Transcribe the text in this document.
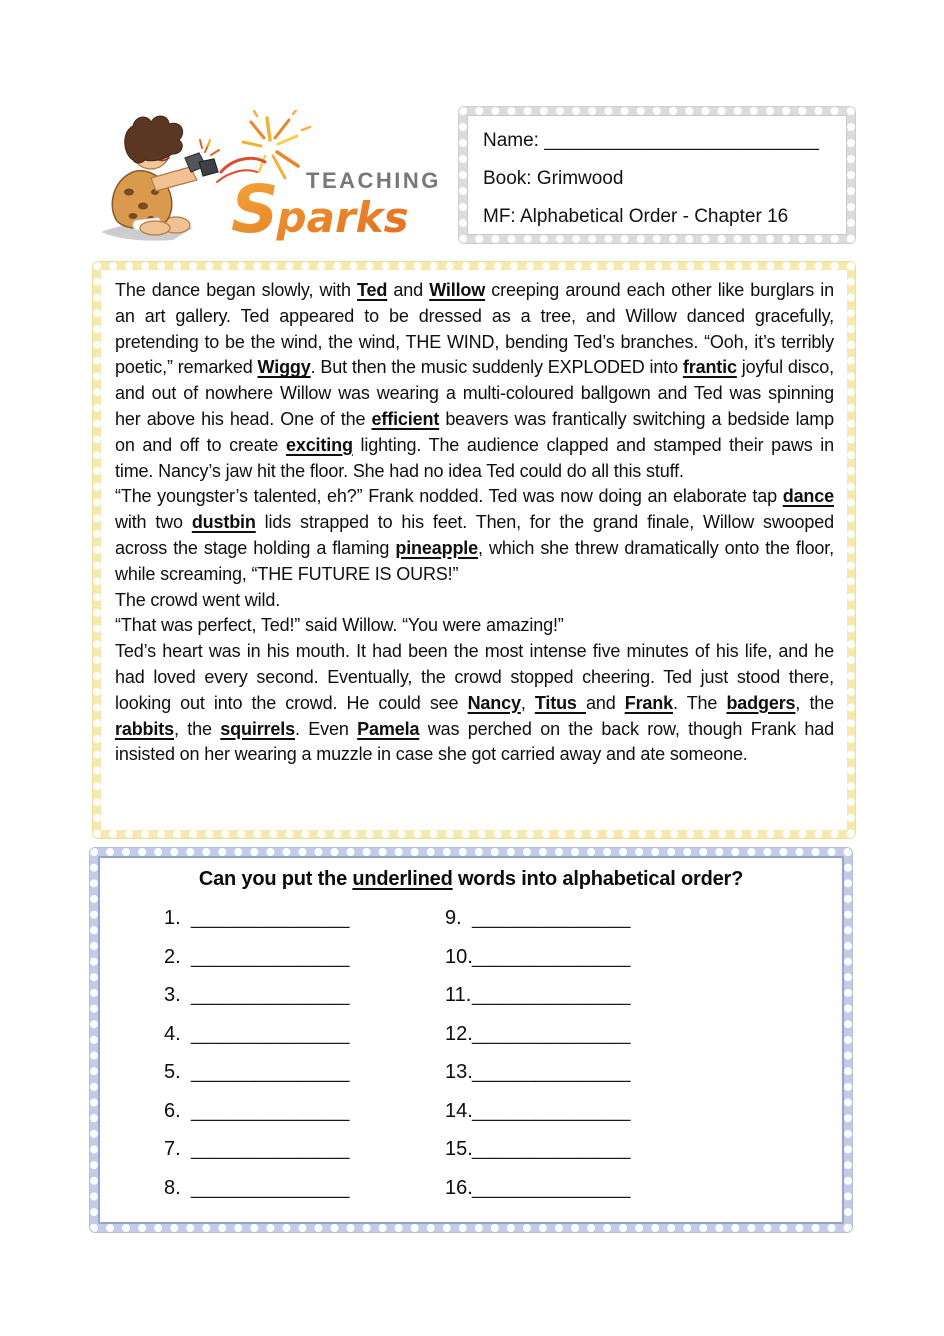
TEACHING
Sparks
Name: __________________________
Book: Grimwood
MF: Alphabetical Order - Chapter 16

The dance began slowly, with Ted and Willow creeping around each other like burglars in an art gallery. Ted appeared to be dressed as a tree, and Willow danced gracefully, pretending to be the wind, the wind, THE WIND, bending Ted’s branches. “Ooh, it’s terribly poetic,” remarked Wiggy. But then the music suddenly EXPLODED into frantic joyful disco, and out of nowhere Willow was wearing a multi-coloured ballgown and Ted was spinning her above his head. One of the efficient beavers was frantically switching a bedside lamp on and off to create exciting lighting. The audience clapped and stamped their paws in time. Nancy’s jaw hit the floor. She had no idea Ted could do all this stuff.

“The youngster’s talented, eh?” Frank nodded. Ted was now doing an elaborate tap dance with two dustbin lids strapped to his feet. Then, for the grand finale, Willow swooped across the stage holding a flaming pineapple, which she threw dramatically onto the floor, while screaming, “THE FUTURE IS OURS!”

The crowd went wild.

“That was perfect, Ted!” said Willow. “You were amazing!”

Ted’s heart was in his mouth. It had been the most intense five minutes of his life, and he had loved every second. Eventually, the crowd stopped cheering. Ted just stood there, looking out into the crowd. He could see Nancy, Titus and Frank. The badgers, the rabbits, the squirrels. Even Pamela was perched on the back row, though Frank had insisted on her wearing a muzzle in case she got carried away and ate someone.

Can you put the underlined words into alphabetical order?
1. _______________
2. _______________
3. _______________
4. _______________
5. _______________
6. _______________
7. _______________
8. _______________
9. _______________
10._______________
11._______________
12._______________
13._______________
14._______________
15._______________
16._______________
